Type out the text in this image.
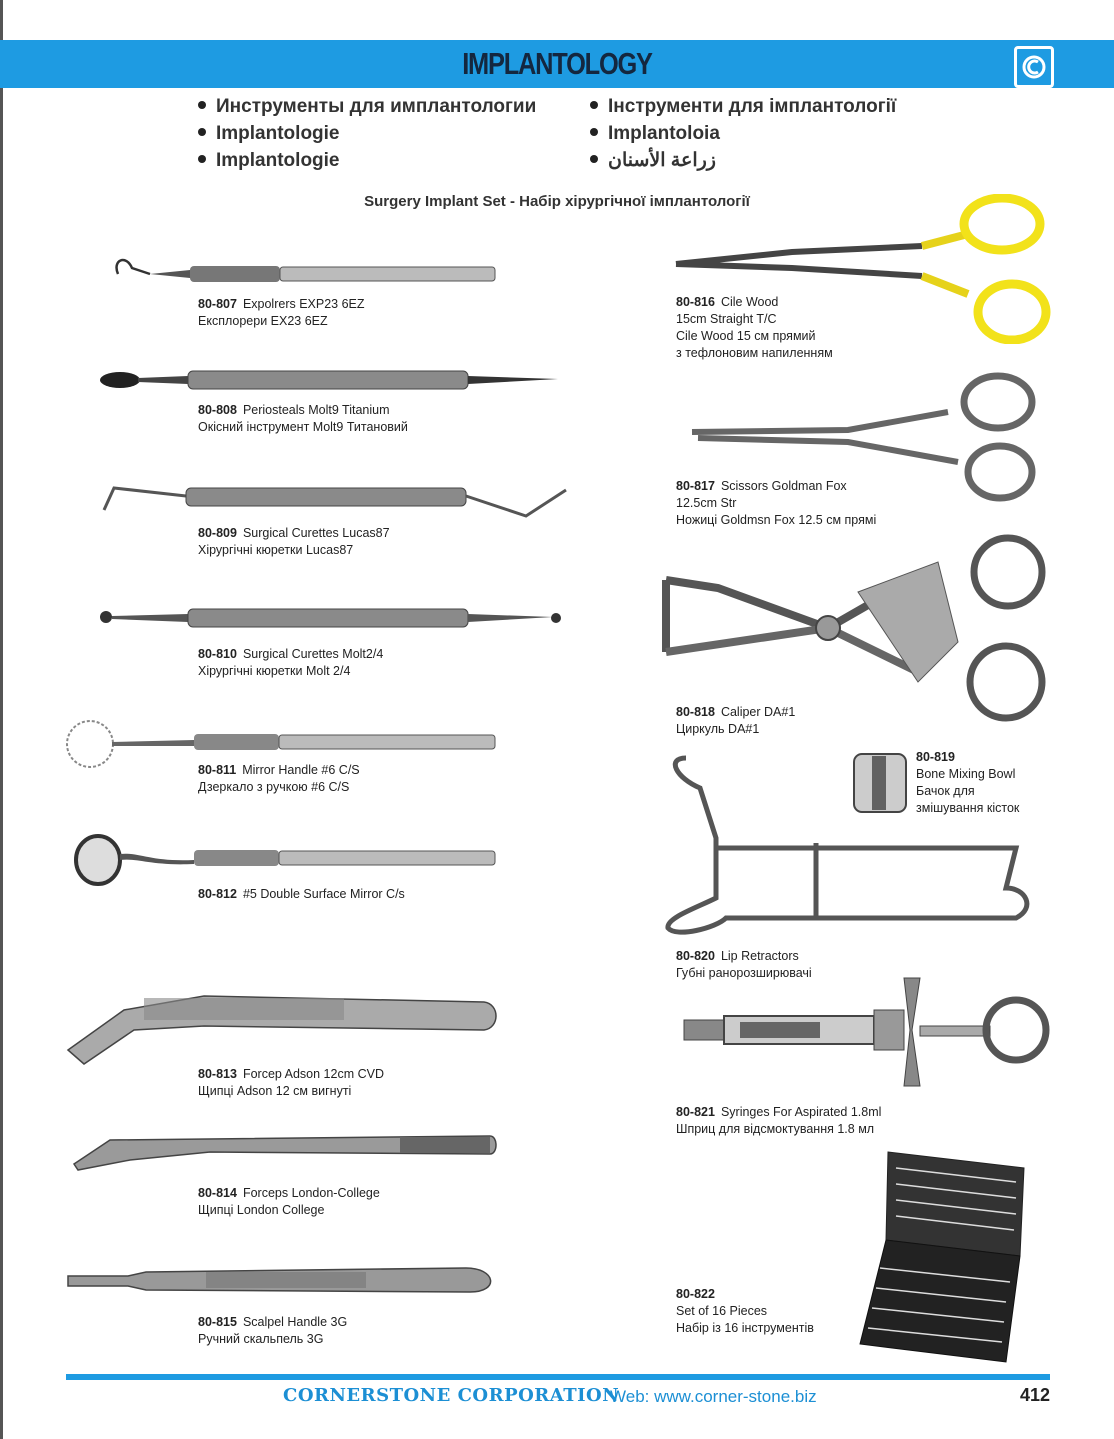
IMPLANTOLOGY
Инструменты для имплантологии
Implantologie
Implantologie
Інструменти для імплантології
Implantoloia
زراعة الأسنان
Surgery Implant Set - Набір хірургічної імплантології
80-807 Expolrers EXP23 6EZ
Експлорери EX23 6EZ
80-808 Periosteals Molt9 Titanium
Окісний інструмент Molt9 Титановий
80-809 Surgical Curettes Lucas87
Хірургічні кюретки Lucas87
80-810 Surgical Curettes Molt2/4
Хірургічні кюретки Molt 2/4
80-811 Mirror Handle #6 C/S
Дзеркало з ручкою #6 C/S
80-812 #5 Double Surface Mirror C/s
80-813 Forcep Adson 12cm CVD
Щипці Adson 12 см вигнуті
80-814 Forceps London-College
Щипці London College
80-815 Scalpel Handle 3G
Ручний скальпель 3G
80-816 Cile Wood
15cm Straight T/C
Cile Wood 15 см прямий
з тефлоновим напиленням
80-817 Scissors Goldman Fox
12.5cm Str
Ножиці Goldmsn Fox 12.5 см прямі
80-818 Caliper DA#1
Циркуль DA#1
80-819
Bone Mixing Bowl
Бачок для
змішування кісток
80-820 Lip Retractors
Губні ранорозширювачі
80-821 Syringes For Aspirated 1.8ml
Шприц для відсмоктування 1.8 мл
80-822
Set of 16 Pieces
Набір із 16 інструментів
CORNERSTONE CORPORATION
Web: www.corner-stone.biz	412
